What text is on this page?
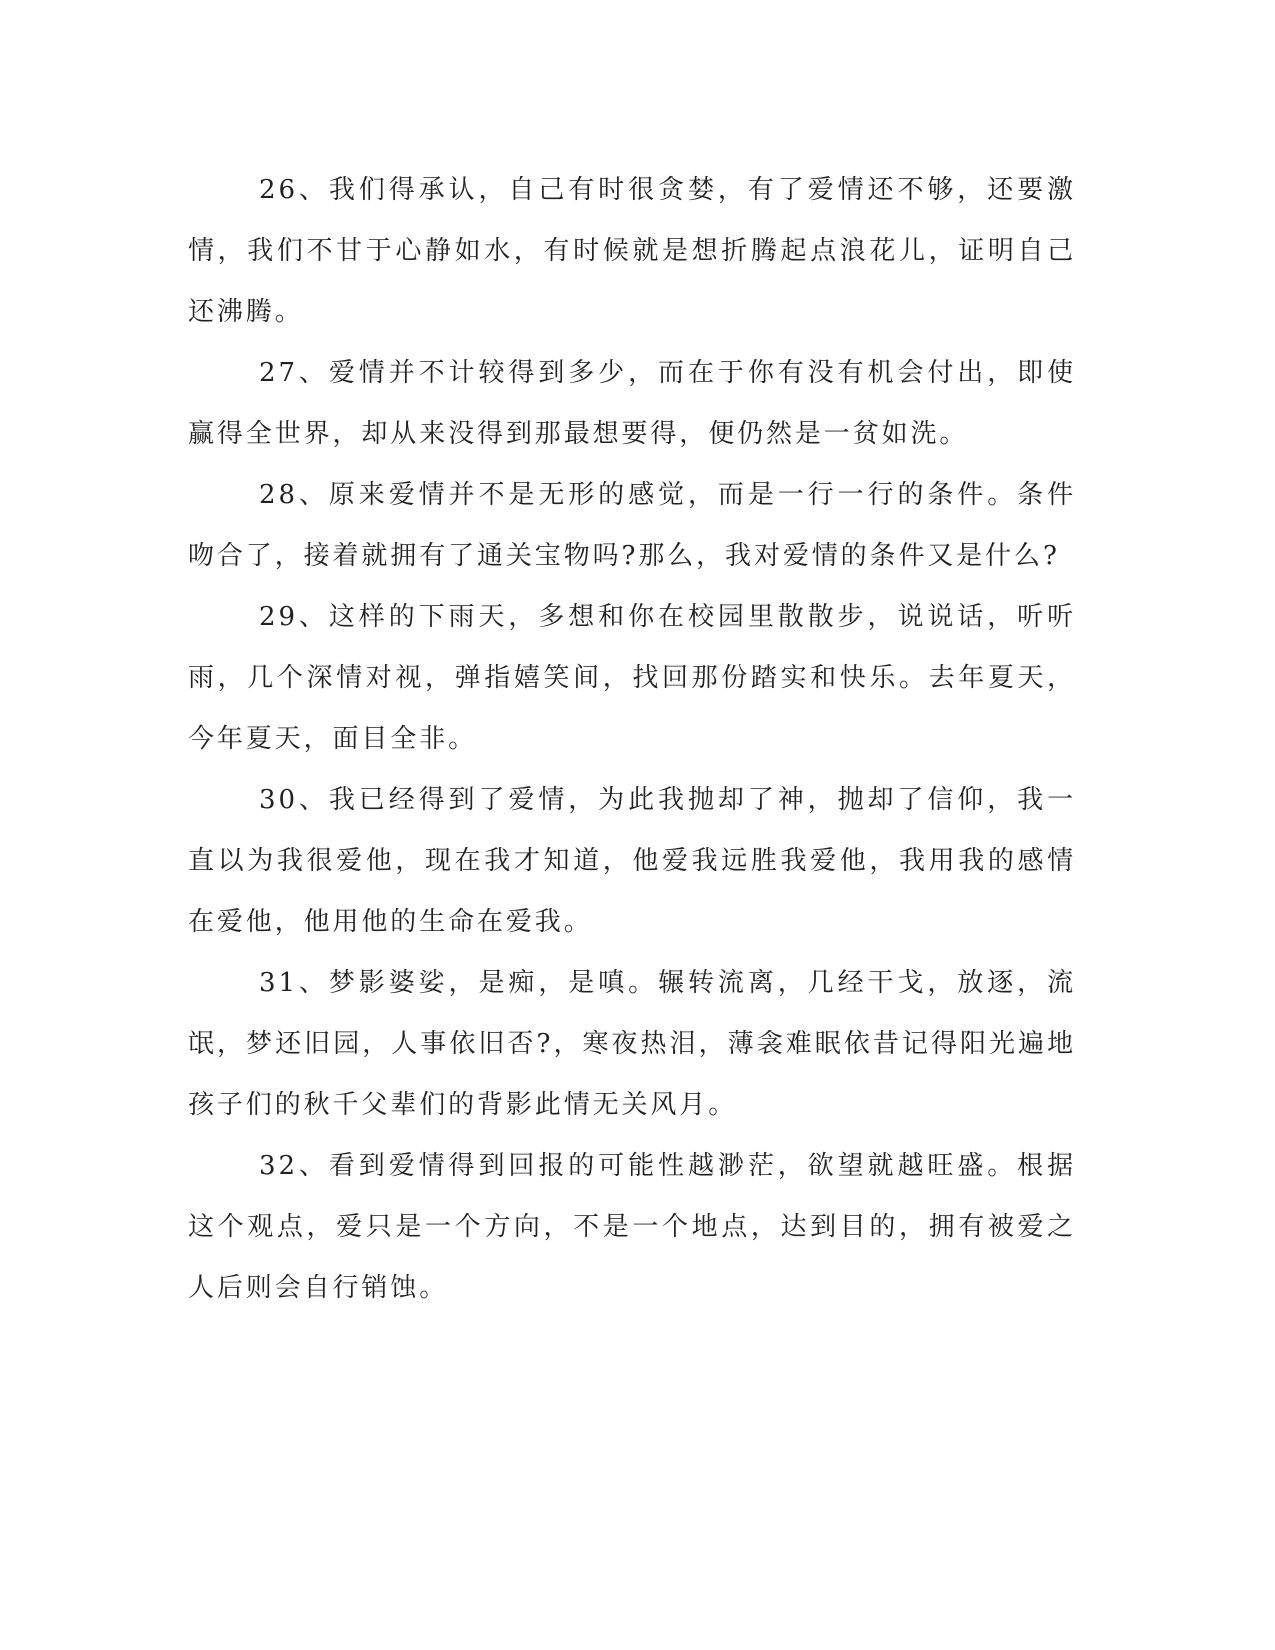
26、我们得承认，自己有时很贪婪，有了爱情还不够，还要激情，我们不甘于心静如水，有时候就是想折腾起点浪花儿，证明自己还沸腾。

27、爱情并不计较得到多少，而在于你有没有机会付出，即使赢得全世界，却从来没得到那最想要得，便仍然是一贫如洗。

28、原来爱情并不是无形的感觉，而是一行一行的条件。条件吻合了，接着就拥有了通关宝物吗?那么，我对爱情的条件又是什么?

29、这样的下雨天，多想和你在校园里散散步，说说话，听听雨，几个深情对视，弹指嬉笑间，找回那份踏实和快乐。去年夏天，今年夏天，面目全非。

30、我已经得到了爱情，为此我抛却了神，抛却了信仰，我一直以为我很爱他，现在我才知道，他爱我远胜我爱他，我用我的感情在爱他，他用他的生命在爱我。

31、梦影婆娑，是痴，是嗔。辗转流离，几经干戈，放逐，流氓，梦还旧园，人事依旧否?，寒夜热泪，薄衾难眠依昔记得阳光遍地孩子们的秋千父辈们的背影此情无关风月。

32、看到爱情得到回报的可能性越渺茫，欲望就越旺盛。根据这个观点，爱只是一个方向，不是一个地点，达到目的，拥有被爱之人后则会自行销蚀。
